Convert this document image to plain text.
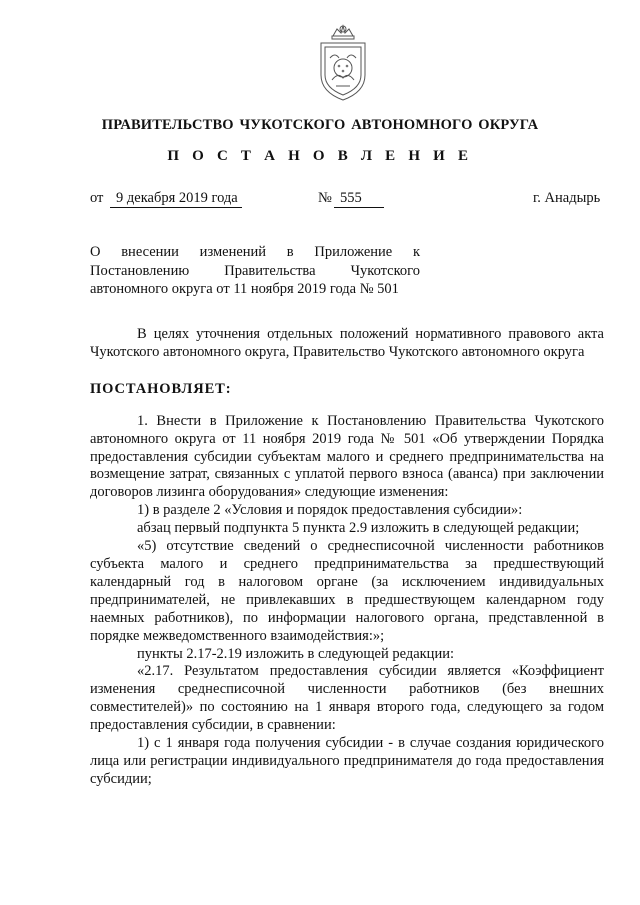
ПРАВИТЕЛЬСТВО ЧУКОТСКОГО АВТОНОМНОГО ОКРУГА
П О С Т А Н О В Л Е Н И Е
от 9 декабря 2019 года	№ 555	г. Анадырь
О внесении изменений в Приложение к
Постановлению Правительства Чукотского
автономного округа от 11 ноября 2019 года № 501

В целях уточнения отдельных положений нормативного правового акта Чукотского автономного округа, Правительство Чукотского автономного округа

ПОСТАНОВЛЯЕТ:

1. Внести в Приложение к Постановлению Правительства Чукотского автономного округа от 11 ноября 2019 года № 501 «Об утверждении Порядка предоставления субсидии субъектам малого и среднего предпринимательства на возмещение затрат, связанных с уплатой первого взноса (аванса) при заключении договоров лизинга оборудования» следующие изменения:

1) в разделе 2 «Условия и порядок предоставления субсидии»:

абзац первый подпункта 5 пункта 2.9 изложить в следующей редакции;

«5) отсутствие сведений о среднесписочной численности работников субъекта малого и среднего предпринимательства за предшествующий календарный год в налоговом органе (за исключением индивидуальных предпринимателей, не привлекавших в предшествующем календарном году наемных работников), по информации налогового органа, представленной в порядке межведомственного взаимодействия:»;

пункты 2.17-2.19 изложить в следующей редакции:

«2.17. Результатом предоставления субсидии является «Коэффициент изменения среднесписочной численности работников (без внешних совместителей)» по состоянию на 1 января второго года, следующего за годом предоставления субсидии, в сравнении:

1) с 1 января года получения субсидии - в случае создания юридического лица или регистрации индивидуального предпринимателя до года предоставления субсидии;
